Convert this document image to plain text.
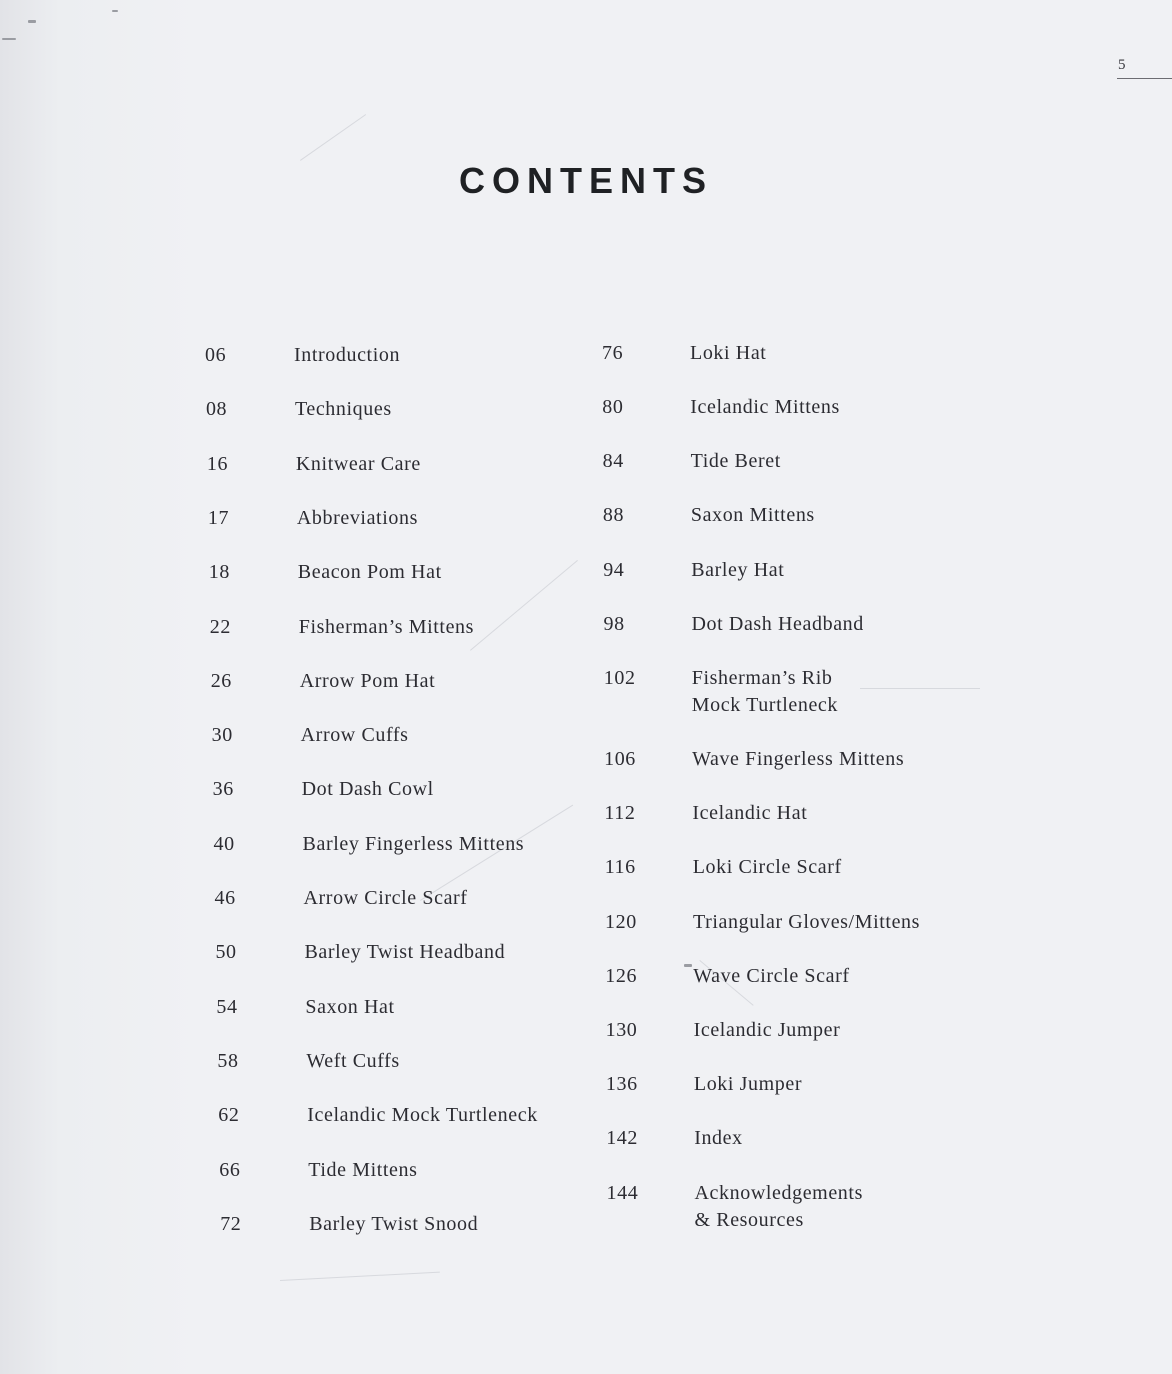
5
CONTENTS
06	Introduction
08	Techniques
16	Knitwear Care
17	Abbreviations
18	Beacon Pom Hat
22	Fisherman’s Mittens
26	Arrow Pom Hat
30	Arrow Cuffs
36	Dot Dash Cowl
40	Barley Fingerless Mittens
46	Arrow Circle Scarf
50	Barley Twist Headband
54	Saxon Hat
58	Weft Cuffs
62	Icelandic Mock Turtleneck
66	Tide Mittens
72	Barley Twist Snood
76	Loki Hat
80	Icelandic Mittens
84	Tide Beret
88	Saxon Mittens
94	Barley Hat
98	Dot Dash Headband
102	Fisherman’s Rib
Mock Turtleneck
106	Wave Fingerless Mittens
112	Icelandic Hat
116	Loki Circle Scarf
120	Triangular Gloves/Mittens
126	Wave Circle Scarf
130	Icelandic Jumper
136	Loki Jumper
142	Index
144	Acknowledgements
& Resources
